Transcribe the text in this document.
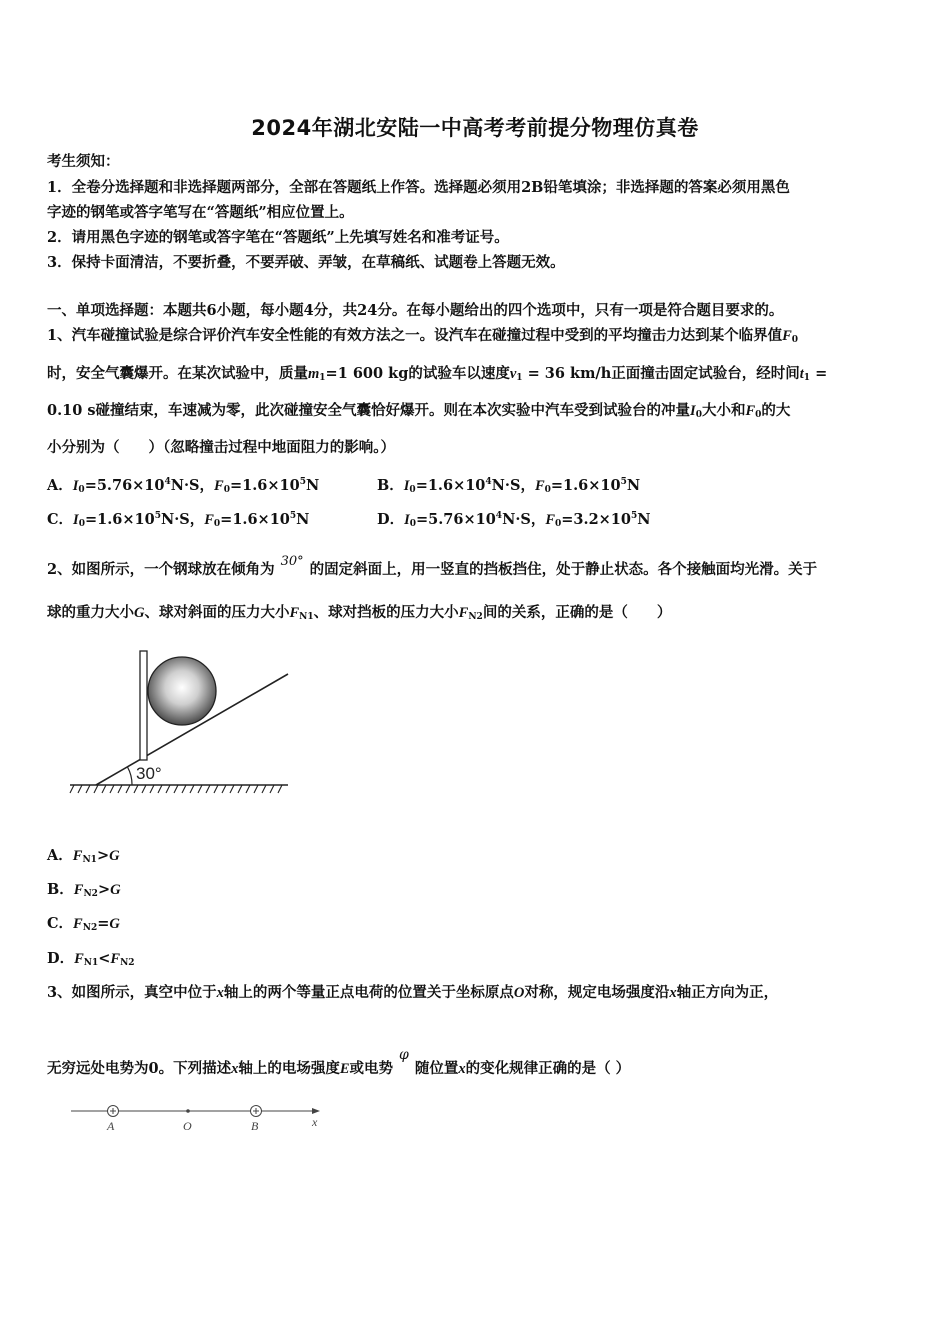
2024年湖北安陆一中高考考前提分物理仿真卷
考生须知：
1．全卷分选择题和非选择题两部分，全部在答题纸上作答。选择题必须用2B铅笔填涂；非选择题的答案必须用黑色
字迹的钢笔或答字笔写在“答题纸”相应位置上。
2．请用黑色字迹的钢笔或答字笔在“答题纸”上先填写姓名和准考证号。
3．保持卡面清洁，不要折叠，不要弄破、弄皱，在草稿纸、试题卷上答题无效。
一、单项选择题：本题共6小题，每小题4分，共24分。在每小题给出的四个选项中，只有一项是符合题目要求的。
1、汽车碰撞试验是综合评价汽车安全性能的有效方法之一。设汽车在碰撞过程中受到的平均撞击力达到某个临界值$F_0$
时，安全气囊爆开。在某次试验中，质量$m_1=1$ 600 kg的试验车以速度$v_1 = 36$ km/h正面撞击固定试验台，经时间$t_1$ =
0.10 s碰撞结束，车速减为零，此次碰撞安全气囊恰好爆开。则在本次实验中汽车受到试验台的冲量$I_0$大小和$F_0$的大
小分别为（　　）（忽略撞击过程中地面阻力的影响。）
A．$I_0=5.76\times 10^4N\cdot S$，$F_0=1.6\times 10^5N$	B．$I_0=1.6\times 10^4N\cdot S$，$F_0=1.6\times 10^5N$
C．$I_0=1.6\times 10^5N\cdot S$，$F_0=1.6\times 10^5N$	D．$I_0=5.76\times 10^4N\cdot S$，$F_0=3.2\times 10^5N$
2、如图所示，一个钢球放在倾角为 30° 的固定斜面上，用一竖直的挡板挡住，处于静止状态。各个接触面均光滑。关于
球的重力大小G、球对斜面的压力大小$F_{N1}$、球对挡板的压力大小$F_{N2}$间的关系，正确的是（　　）
30°
A．$F_{N1}>G$
B．$F_{N2}>G$
C．$F_{N2}=G$
D．$F_{N1}<F_{N2}$
3、如图所示，真空中位于x轴上的两个等量正点电荷的位置关于坐标原点O对称，规定电场强度沿x轴正方向为正，
无穷远处电势为0。下列描述x轴上的电场强度E或电势φ随位置x的变化规律正确的是（ ）
A	O	B	x
